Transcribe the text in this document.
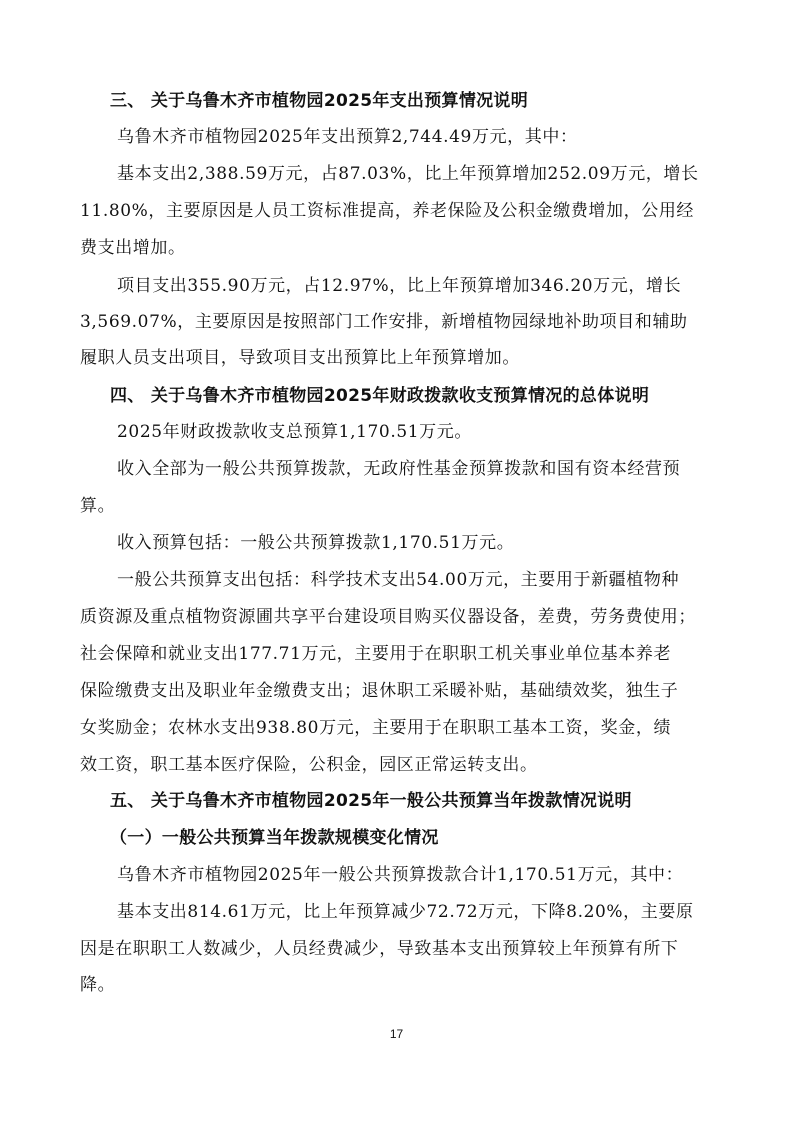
三、 关于乌鲁木齐市植物园2025年支出预算情况说明
乌鲁木齐市植物园2025年支出预算2,744.49万元，其中：
基本支出2,388.59万元，占87.03%，比上年预算增加252.09万元，增长
11.80%，主要原因是人员工资标准提高，养老保险及公积金缴费增加，公用经
费支出增加。
项目支出355.90万元，占12.97%，比上年预算增加346.20万元，增长
3,569.07%，主要原因是按照部门工作安排，新增植物园绿地补助项目和辅助
履职人员支出项目，导致项目支出预算比上年预算增加。
四、 关于乌鲁木齐市植物园2025年财政拨款收支预算情况的总体说明
2025年财政拨款收支总预算1,170.51万元。
收入全部为一般公共预算拨款，无政府性基金预算拨款和国有资本经营预
算。
收入预算包括：一般公共预算拨款1,170.51万元。
一般公共预算支出包括：科学技术支出54.00万元，主要用于新疆植物种
质资源及重点植物资源圃共享平台建设项目购买仪器设备，差费，劳务费使用；
社会保障和就业支出177.71万元，主要用于在职职工机关事业单位基本养老
保险缴费支出及职业年金缴费支出；退休职工采暖补贴，基础绩效奖，独生子
女奖励金；农林水支出938.80万元，主要用于在职职工基本工资，奖金，绩
效工资，职工基本医疗保险，公积金，园区正常运转支出。
五、 关于乌鲁木齐市植物园2025年一般公共预算当年拨款情况说明
（一）一般公共预算当年拨款规模变化情况
乌鲁木齐市植物园2025年一般公共预算拨款合计1,170.51万元，其中：
基本支出814.61万元，比上年预算减少72.72万元，下降8.20%，主要原
因是在职职工人数减少，人员经费减少，导致基本支出预算较上年预算有所下
降。
17
